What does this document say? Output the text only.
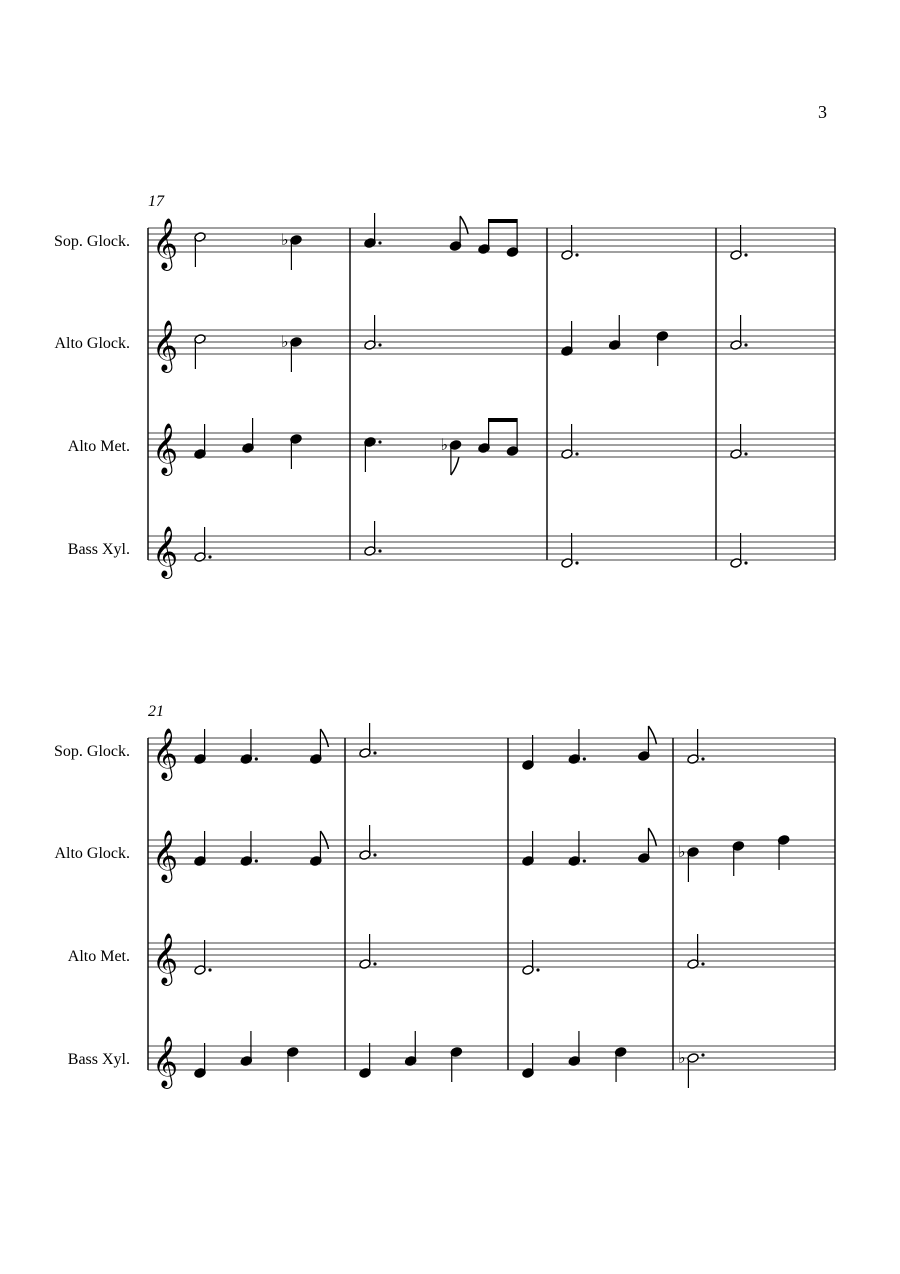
3
17
Sop. Glock. 𝄞	♭
Alto Glock. 𝄞	♭
Alto Met. 𝄞	♭
Bass Xyl. 𝄞
21
Sop. Glock. 𝄞
Alto Glock. 𝄞	♭
Alto Met. 𝄞
Bass Xyl. 𝄞	♭
